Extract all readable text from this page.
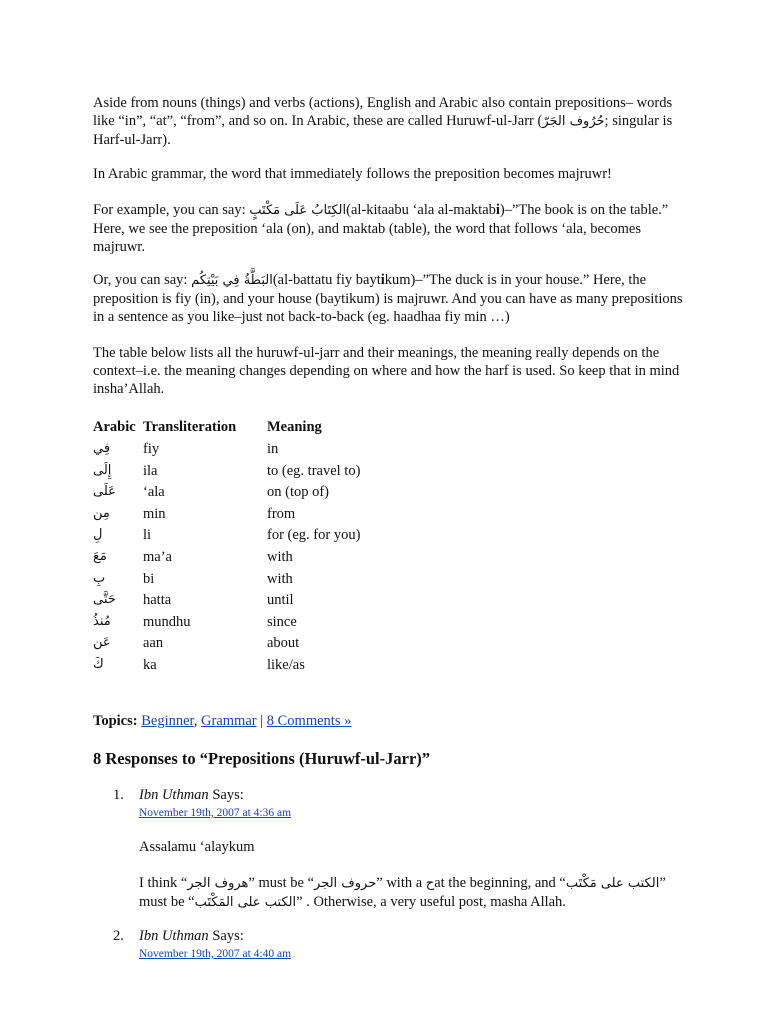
Aside from nouns (things) and verbs (actions), English and Arabic also contain prepositions– words like “in”, “at”, “from”, and so on. In Arabic, these are called Huruwf-ul-Jarr (حُرُوف الجَرّ; singular is Harf-ul-Jarr).

In Arabic grammar, the word that immediately follows the preposition becomes majruwr!

For example, you can say: الكِتَابُ عَلَى مَكْتَبٍ(al-kitaabu ‘ala al-maktabi)–”The book is on the table.” Here, we see the preposition ‘ala (on), and maktab (table), the word that follows ‘ala, becomes majruwr.

Or, you can say: البَطَّةُ فِي بَيْتِكُم(al-battatu fiy baytikum)–”The duck is in your house.” Here, the preposition is fiy (in), and your house (baytikum) is majruwr. And you can have as many prepositions in a sentence as you like–just not back-to-back (eg. haadhaa fiy min …)

The table below lists all the huruwf-ul-jarr and their meanings, the meaning really depends on the context–i.e. the meaning changes depending on where and how the harf is used. So keep that in mind insha’Allah.

Arabic	Transliteration	Meaning
فِي	fiy	in
إِلَى	ila	to (eg. travel to)
عَلَى	‘ala	on (top of)
مِن	min	from
لِ	li	for (eg. for you)
مَعَ	ma’a	with
بِ	bi	with
حَتَّى	hatta	until
مُنذُ	mundhu	since
عَن	aan	about
كَ	ka	like/as

Topics: Beginner, Grammar | 8 Comments »

8 Responses to “Prepositions (Huruwf-ul-Jarr)”
1. Ibn Uthman Says:
November 19th, 2007 at 4:36 am

Assalamu ‘alaykum

I think “هروف الجر” must be “حروف الجر” with a حat the beginning, and “الكتب على مَكْتَب” must be “الكتب على المَكْتَب” . Otherwise, a very useful post, masha Allah.

2. Ibn Uthman Says:
November 19th, 2007 at 4:40 am
